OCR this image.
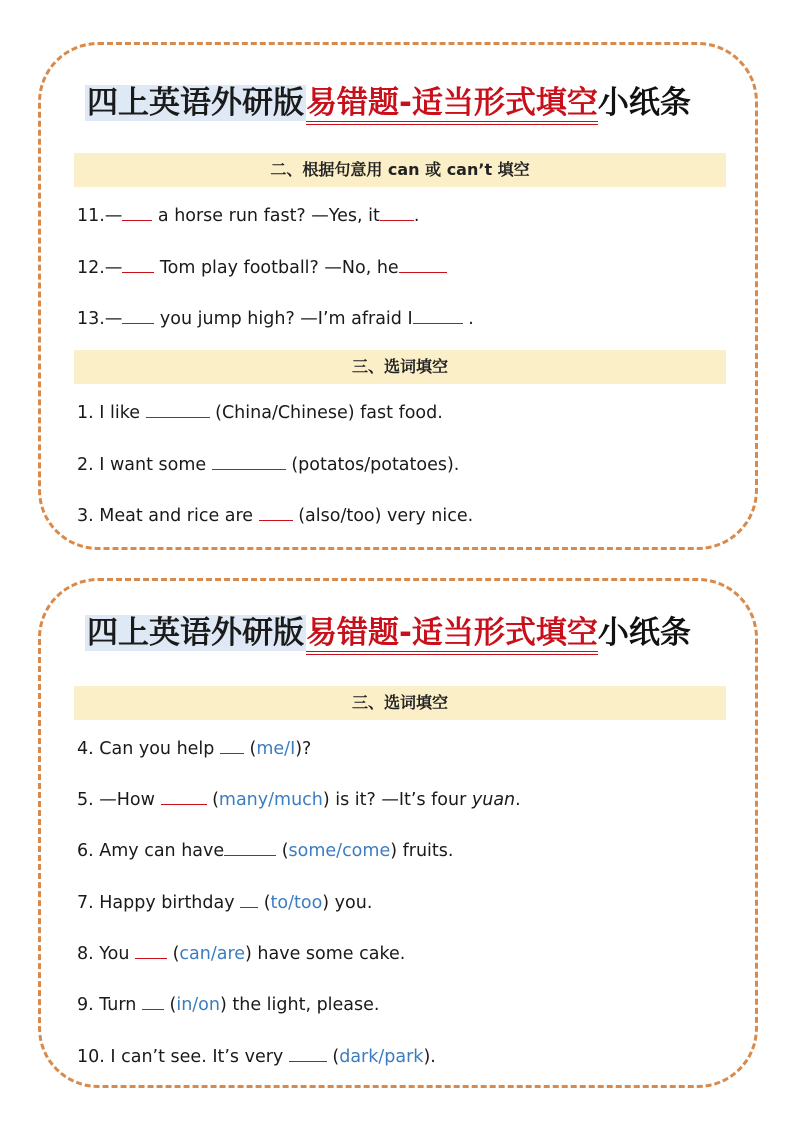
四上英语外研版易错题-适当形式填空小纸条
二、根据句意用 can 或 can’t 填空
11.— a horse run fast? —Yes, it .
12.— Tom play football? —No, he
13.— you jump high? —I’m afraid I	.
三、选词填空
1. I like	(China/Chinese) fast food.
2. I want some	(potatos/potatoes).
3. Meat and rice are  (also/too) very nice.
四上英语外研版易错题-适当形式填空小纸条
三、选词填空
4. Can you help  (me/I)?
5. —How	(many/much) is it? —It’s four yuan.
6. Amy can have	(some/come) fruits.
7. Happy birthday  (to/too) you.
8. You  (can/are) have some cake.
9. Turn  (in/on) the light, please.
10. I can’t see. It’s very  (dark/park).
